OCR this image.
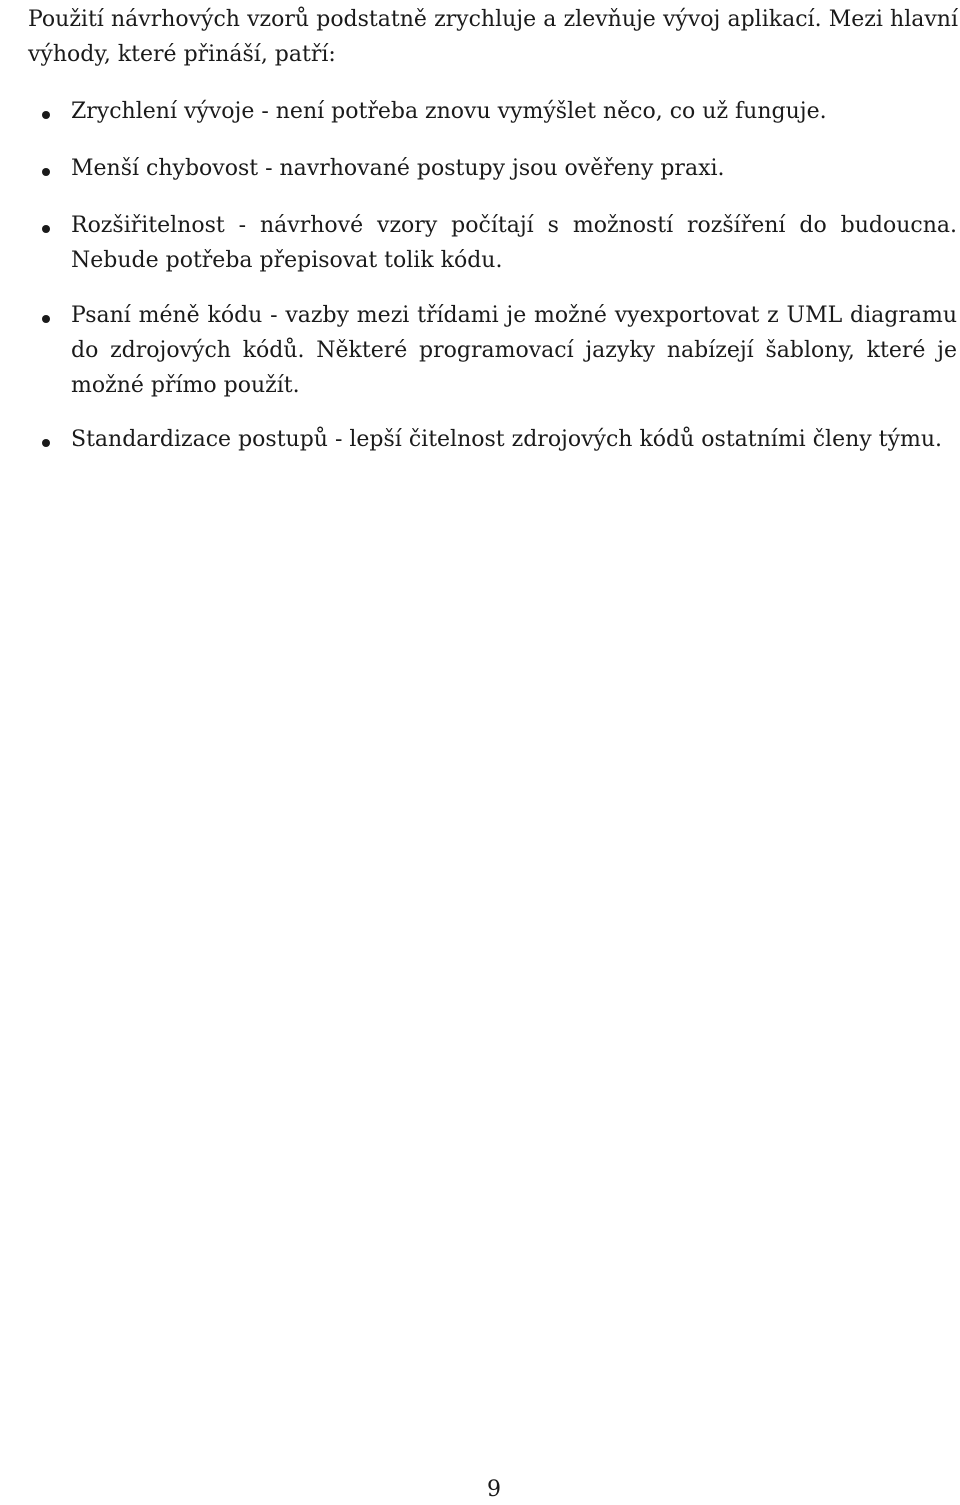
Použití návrhových vzorů podstatně zrychluje a zlevňuje vývoj aplikací. Mezi hlavní výhody, které přináší, patří:

Zrychlení vývoje - není potřeba znovu vymýšlet něco, co už funguje.

Menší chybovost - navrhované postupy jsou ověřeny praxi.

Rozšiřitelnost - návrhové vzory počítají s možností rozšíření do budoucna. Nebude potřeba přepisovat tolik kódu.

Psaní méně kódu - vazby mezi třídami je možné vyexportovat z UML diagramu do zdrojových kódů. Některé programovací jazyky nabízejí šablony, které je možné přímo použít.

Standardizace postupů - lepší čitelnost zdrojových kódů ostatními členy týmu.

9
